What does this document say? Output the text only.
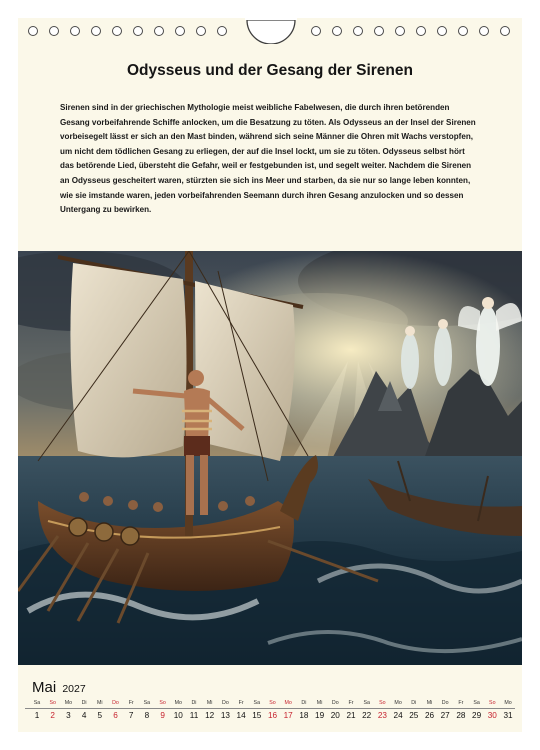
Odysseus und der Gesang der Sirenen

Sirenen sind in der griechischen Mythologie meist weibliche Fabelwesen, die durch ihren betörenden Gesang vorbeifahrende Schiffe anlocken, um die Besatzung zu töten. Als Odysseus an der Insel der Sirenen vorbeisegelt lässt er sich an den Mast binden, während sich seine Männer die Ohren mit Wachs verstopfen, um nicht dem tödlichen Gesang zu erliegen, der auf die Insel lockt, um sie zu töten. Odysseus selbst hört das betörende Lied, übersteht die Gefahr, weil er festgebunden ist, und segelt weiter. Nachdem die Sirenen an Odysseus gescheitert waren, stürzten sie sich ins Meer und starben, da sie nur so lange leben konnten, wie sie imstande waren, jeden vorbeifahrenden Seemann durch ihren Gesang anzulocken und so dessen Untergang zu bewirken.

Mai 2027
Sa
1
So
2
Mo
3
Di
4
Mi
5
Do
6
Fr
7
Sa
8
So
9
Mo
10
Di
11
Mi
12
Do
13
Fr
14
Sa
15
So
16
Mo
17
Di
18
Mi
19
Do
20
Fr
21
Sa
22
So
23
Mo
24
Di
25
Mi
26
Do
27
Fr
28
Sa
29
So
30
Mo
31
